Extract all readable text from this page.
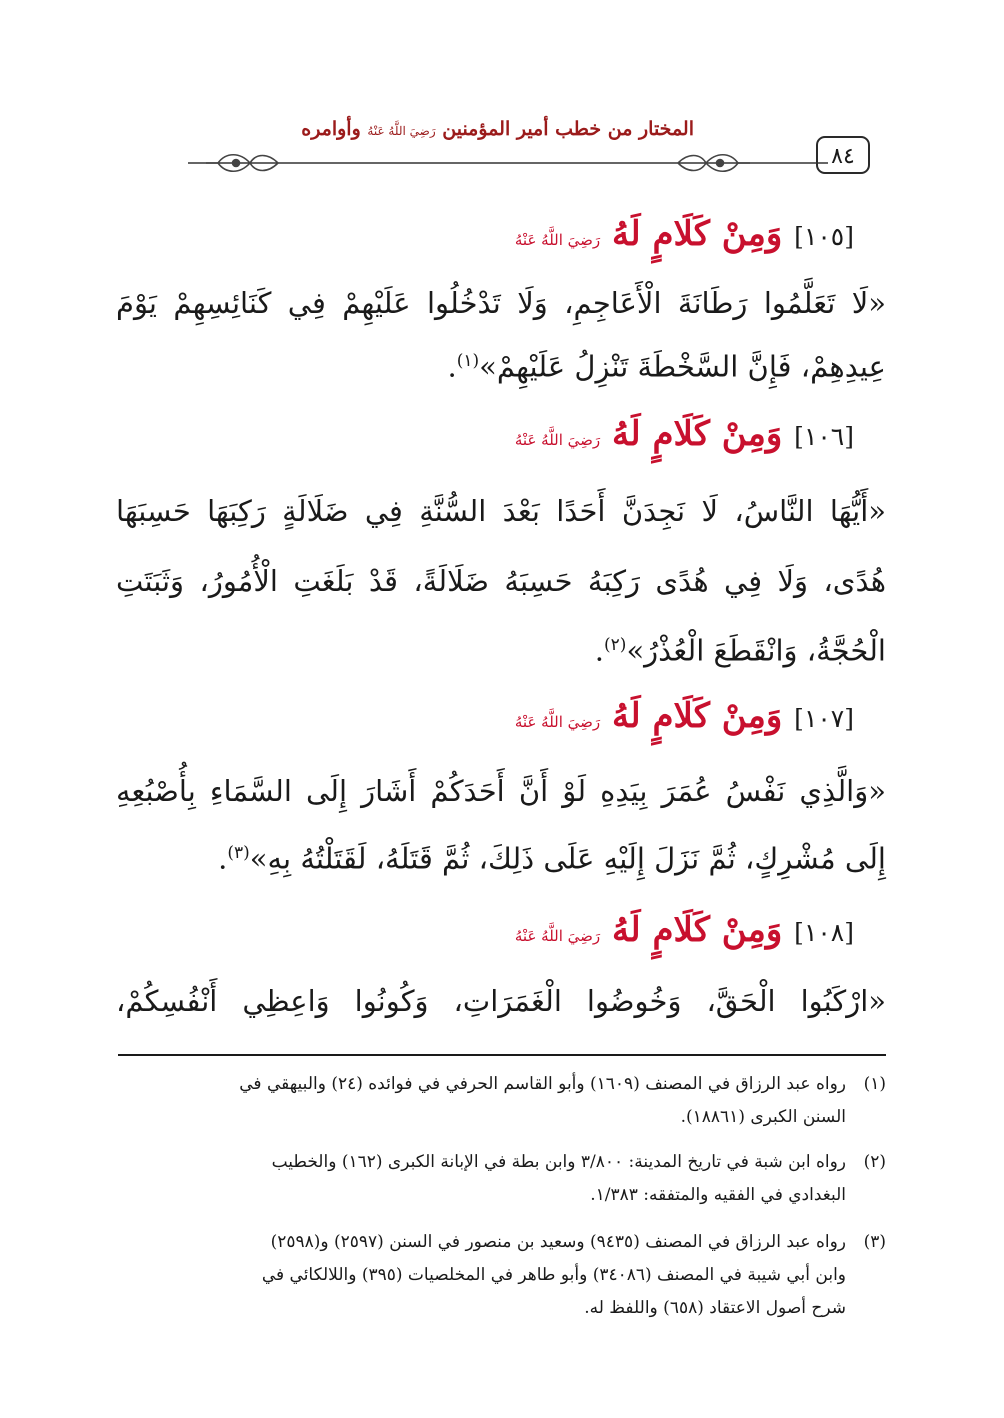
٨٤
المختار من خطب أمير المؤمنين رَضِيَ اللَّهُ عَنْهُ وأوامره
[١٠٥] وَمِنْ كَلَامٍ لَهُ رَضِيَ اللَّهُ عَنْهُ
«لَا تَعَلَّمُوا رَطَانَةَ الْأَعَاجِمِ، وَلَا تَدْخُلُوا عَلَيْهِمْ فِي كَنَائِسِهِمْ يَوْمَ
عِيدِهِمْ، فَإِنَّ السَّخْطَةَ تَنْزِلُ عَلَيْهِمْ»$^{(١)}$.
[١٠٦] وَمِنْ كَلَامٍ لَهُ رَضِيَ اللَّهُ عَنْهُ
«أَيُّهَا النَّاسُ، لَا نَجِدَنَّ أَحَدًا بَعْدَ السُّنَّةِ فِي ضَلَالَةٍ رَكِبَهَا حَسِبَهَا
هُدًى، وَلَا فِي هُدًى رَكِبَهُ حَسِبَهُ ضَلَالَةً، قَدْ بَلَغَتِ الْأُمُورُ، وَثَبَتَتِ
الْحُجَّةُ، وَانْقَطَعَ الْعُذْرُ»$^{(٢)}$.
[١٠٧] وَمِنْ كَلَامٍ لَهُ رَضِيَ اللَّهُ عَنْهُ
«وَالَّذِي نَفْسُ عُمَرَ بِيَدِهِ لَوْ أَنَّ أَحَدَكُمْ أَشَارَ إِلَى السَّمَاءِ بِأُصْبُعِهِ
إِلَى مُشْرِكٍ، ثُمَّ نَزَلَ إِلَيْهِ عَلَى ذَلِكَ، ثُمَّ قَتَلَهُ، لَقَتَلْتُهُ بِهِ»$^{(٣)}$.
[١٠٨] وَمِنْ كَلَامٍ لَهُ رَضِيَ اللَّهُ عَنْهُ
«ارْكَبُوا الْحَقَّ، وَخُوضُوا الْغَمَرَاتِ، وَكُونُوا وَاعِظِي أَنْفُسِكُمْ،
(١)رواه عبد الرزاق في المصنف (١٦٠٩) وأبو القاسم الحرفي في فوائده (٢٤) والبيهقي في
السنن الكبرى (١٨٨٦١).
(٢)رواه ابن شبة في تاريخ المدينة: ٣/٨٠٠ وابن بطة في الإبانة الكبرى (١٦٢) والخطيب
البغدادي في الفقيه والمتفقه: ١/٣٨٣.
(٣)رواه عبد الرزاق في المصنف (٩٤٣٥) وسعيد بن منصور في السنن (٢٥٩٧) و(٢٥٩٨)
وابن أبي شيبة في المصنف (٣٤٠٨٦) وأبو طاهر في المخلصيات (٣٩٥) واللالكائي في
شرح أصول الاعتقاد (٦٥٨) واللفظ له.
